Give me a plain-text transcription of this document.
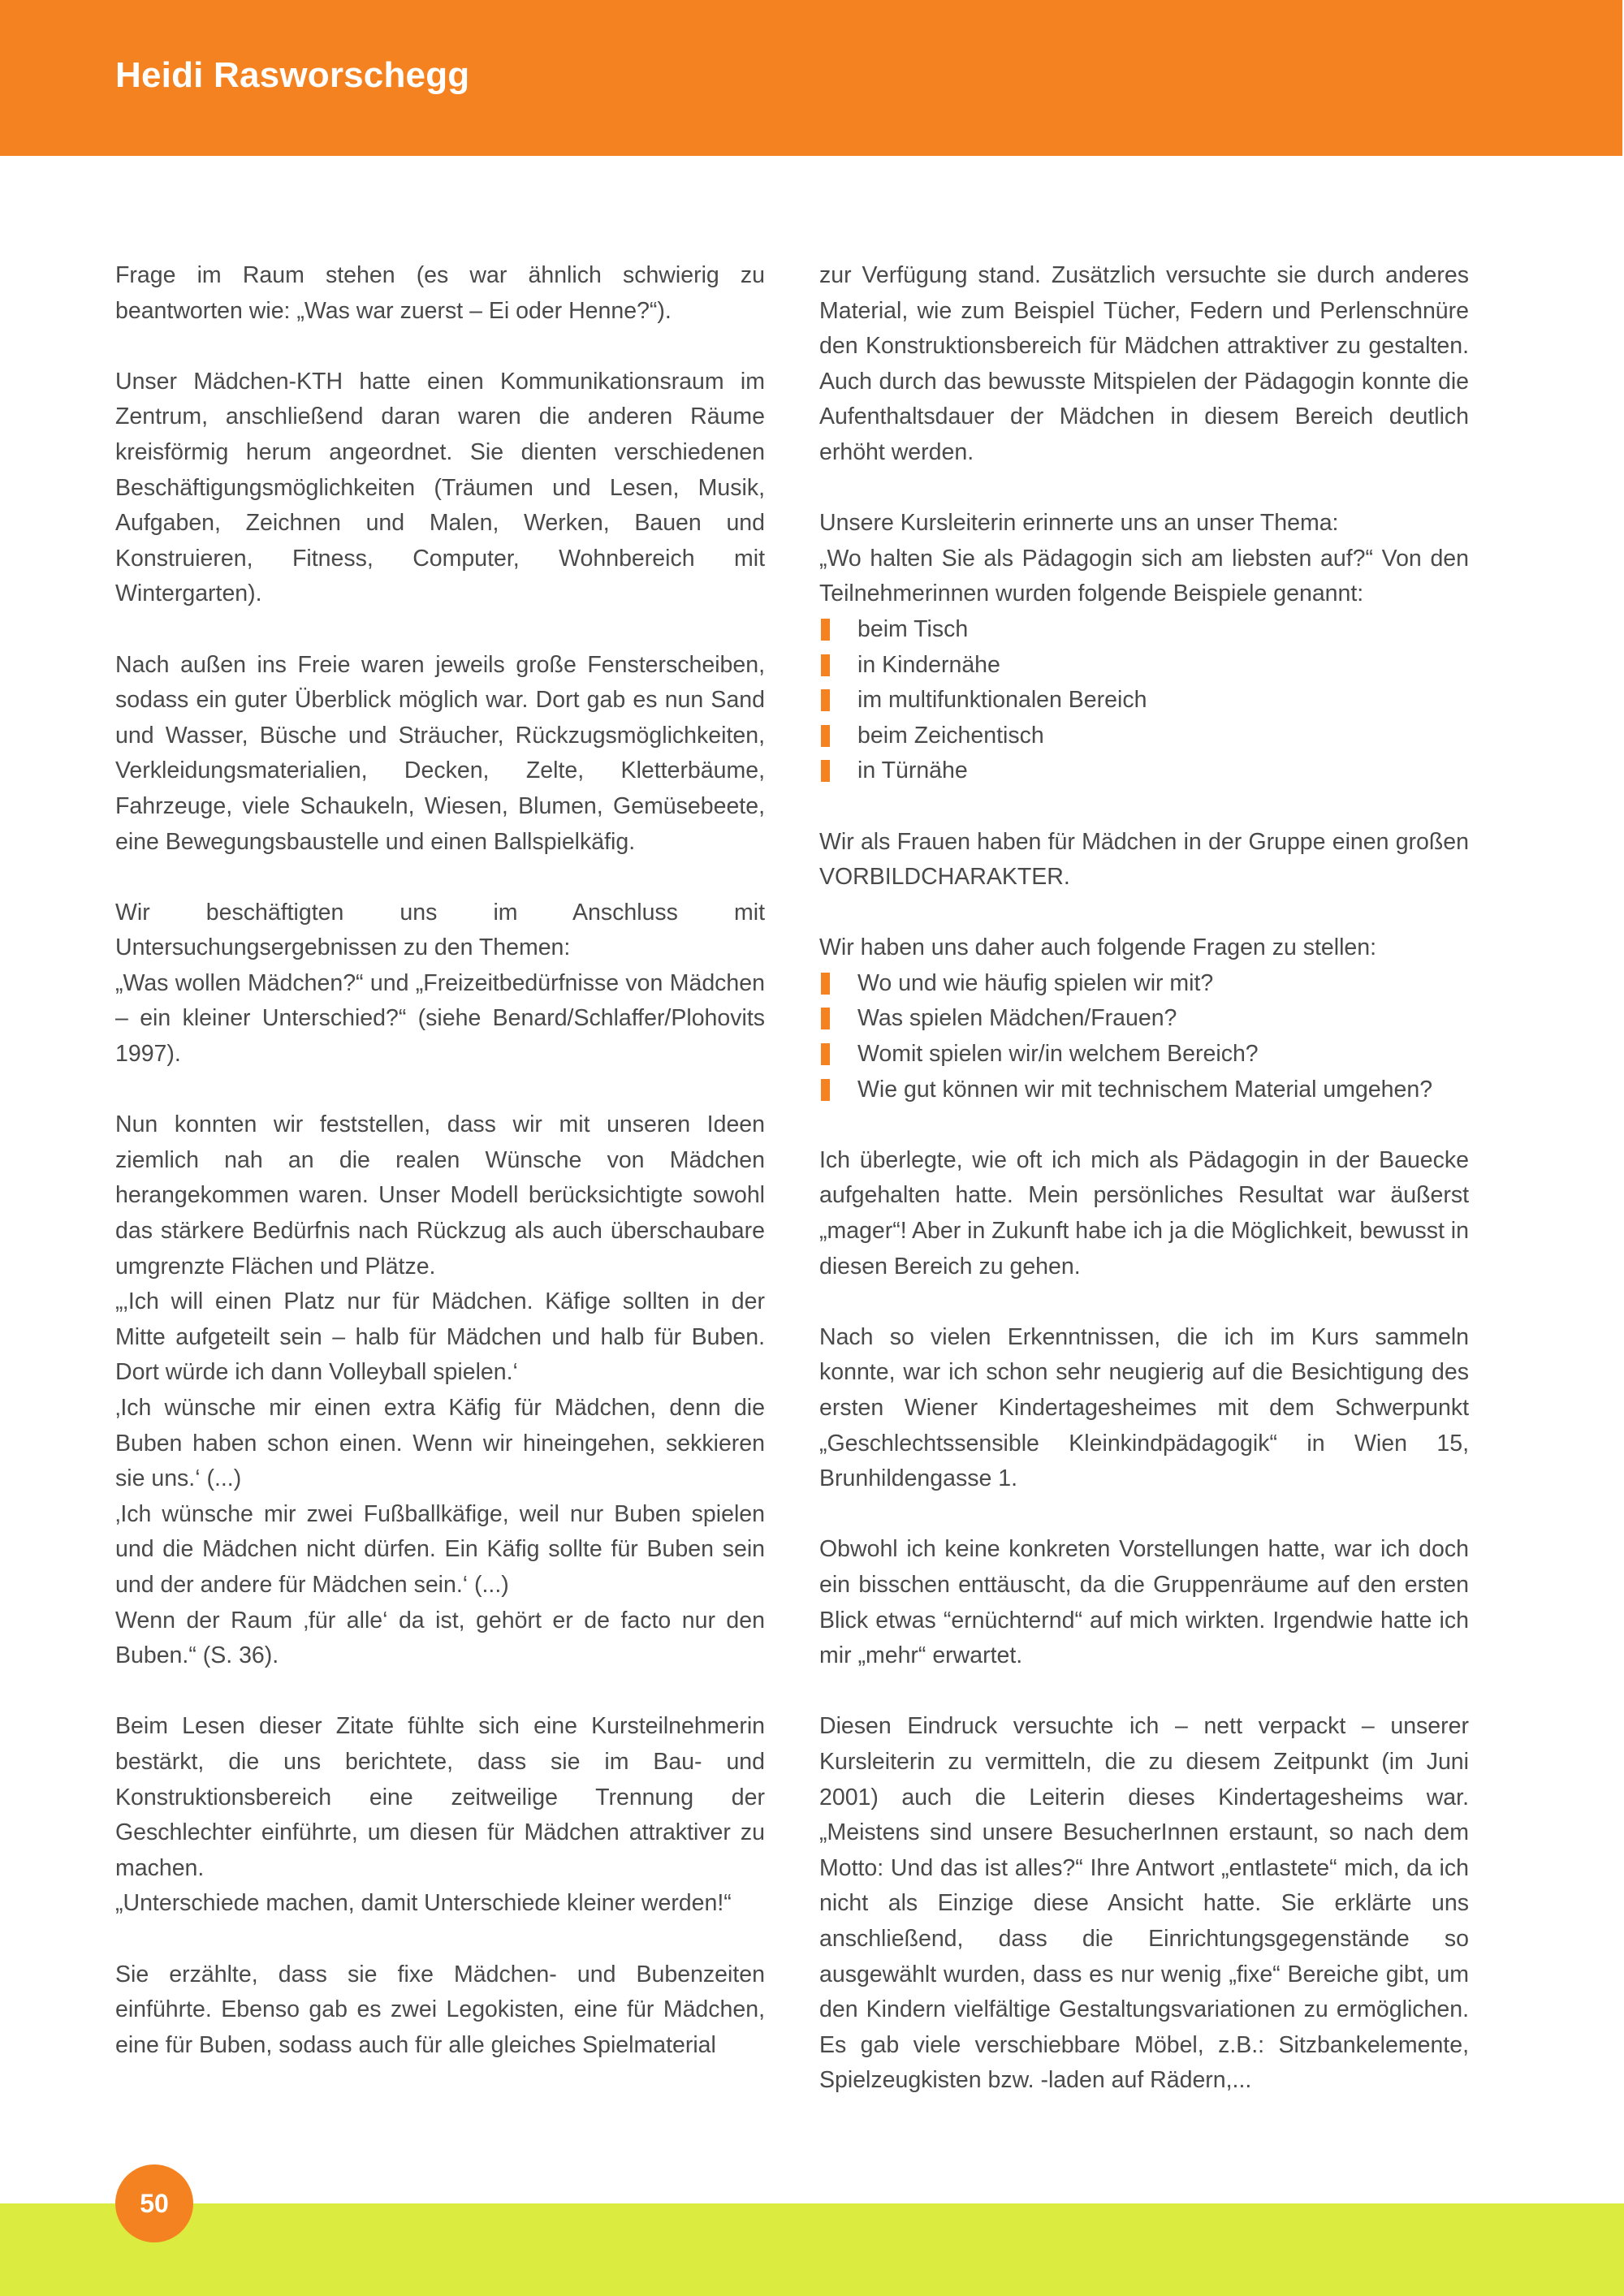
Heidi Rasworschegg

Frage im Raum stehen (es war ähnlich schwierig zu beantworten wie: „Was war zuerst – Ei oder Henne?“).

Unser Mädchen-KTH hatte einen Kommunikationsraum im Zentrum, anschließend daran waren die anderen Räume kreisförmig herum angeordnet. Sie dienten verschiedenen Beschäftigungsmöglichkeiten (Träumen und Lesen, Musik, Aufgaben, Zeichnen und Malen, Werken, Bauen und Konstruieren, Fitness, Computer, Wohnbereich mit Wintergarten).

Nach außen ins Freie waren jeweils große Fensterscheiben, sodass ein guter Überblick möglich war. Dort gab es nun Sand und Wasser, Büsche und Sträucher, Rückzugsmöglichkeiten, Verkleidungsmaterialien, Decken, Zelte, Kletterbäume, Fahrzeuge, viele Schaukeln, Wiesen, Blumen, Gemüsebeete, eine Bewegungsbaustelle und einen Ballspielkäfig.

Wir beschäftigten uns im Anschluss mit Untersuchungsergebnissen zu den Themen:

„Was wollen Mädchen?“ und „Freizeitbedürfnisse von Mädchen – ein kleiner Unterschied?“ (siehe Benard/Schlaffer/Plohovits 1997).

Nun konnten wir feststellen, dass wir mit unseren Ideen ziemlich nah an die realen Wünsche von Mädchen herangekommen waren. Unser Modell berücksichtigte sowohl das stärkere Bedürfnis nach Rückzug als auch überschaubare umgrenzte Flächen und Plätze.

„‚Ich will einen Platz nur für Mädchen. Käfige sollten in der Mitte aufgeteilt sein – halb für Mädchen und halb für Buben. Dort würde ich dann Volleyball spielen.‘

‚Ich wünsche mir einen extra Käfig für Mädchen, denn die Buben haben schon einen. Wenn wir hineingehen, sekkieren sie uns.‘ (...)

‚Ich wünsche mir zwei Fußballkäfige, weil nur Buben spielen und die Mädchen nicht dürfen. Ein Käfig sollte für Buben sein und der andere für Mädchen sein.‘ (...)

Wenn der Raum ‚für alle‘ da ist, gehört er de facto nur den Buben.“ (S. 36).

Beim Lesen dieser Zitate fühlte sich eine Kursteilnehmerin bestärkt, die uns berichtete, dass sie im Bau- und Konstruktionsbereich eine zeitweilige Trennung der Geschlechter einführte, um diesen für Mädchen attraktiver zu machen.

„Unterschiede machen, damit Unterschiede kleiner werden!“

Sie erzählte, dass sie fixe Mädchen- und Bubenzeiten einführte. Ebenso gab es zwei Legokisten, eine für Mädchen, eine für Buben, sodass auch für alle gleiches Spielmaterial

zur Verfügung stand. Zusätzlich versuchte sie durch anderes Material, wie zum Beispiel Tücher, Federn und Perlenschnüre den Konstruktionsbereich für Mädchen attraktiver zu gestalten. Auch durch das bewusste Mitspielen der Pädagogin konnte die Aufenthaltsdauer der Mädchen in diesem Bereich deutlich erhöht werden.

Unsere Kursleiterin erinnerte uns an unser Thema:

„Wo halten Sie als Pädagogin sich am liebsten auf?“ Von den Teilnehmerinnen wurden folgende Beispiele genannt:

beim Tisch
in Kindernähe
im multifunktionalen Bereich
beim Zeichentisch
in Türnähe

Wir als Frauen haben für Mädchen in der Gruppe einen großen VORBILDCHARAKTER.

Wir haben uns daher auch folgende Fragen zu stellen:

Wo und wie häufig spielen wir mit?
Was spielen Mädchen/Frauen?
Womit spielen wir/in welchem Bereich?
Wie gut können wir mit technischem Material umgehen?

Ich überlegte, wie oft ich mich als Pädagogin in der Bauecke aufgehalten hatte. Mein persönliches Resultat war äußerst „mager“! Aber in Zukunft habe ich ja die Möglichkeit, bewusst in diesen Bereich zu gehen.

Nach so vielen Erkenntnissen, die ich im Kurs sammeln konnte, war ich schon sehr neugierig auf die Besichtigung des ersten Wiener Kindertagesheimes mit dem Schwerpunkt „Geschlechtssensible Kleinkindpädagogik“ in Wien 15, Brunhildengasse 1.

Obwohl ich keine konkreten Vorstellungen hatte, war ich doch ein bisschen enttäuscht, da die Gruppenräume auf den ersten Blick etwas “ernüchternd“ auf mich wirkten. Irgendwie hatte ich mir „mehr“ erwartet.

Diesen Eindruck versuchte ich – nett verpackt – unserer Kursleiterin zu vermitteln, die zu diesem Zeitpunkt (im Juni 2001) auch die Leiterin dieses Kindertagesheims war. „Meistens sind unsere BesucherInnen erstaunt, so nach dem Motto: Und das ist alles?“ Ihre Antwort „entlastete“ mich, da ich nicht als Einzige diese Ansicht hatte. Sie erklärte uns anschließend, dass die Einrichtungsgegenstände so ausgewählt wurden, dass es nur wenig „fixe“ Bereiche gibt, um den Kindern vielfältige Gestaltungsvariationen zu ermöglichen. Es gab viele verschiebbare Möbel, z.B.: Sitzbankelemente, Spielzeugkisten bzw. -laden auf Rädern,...

50
